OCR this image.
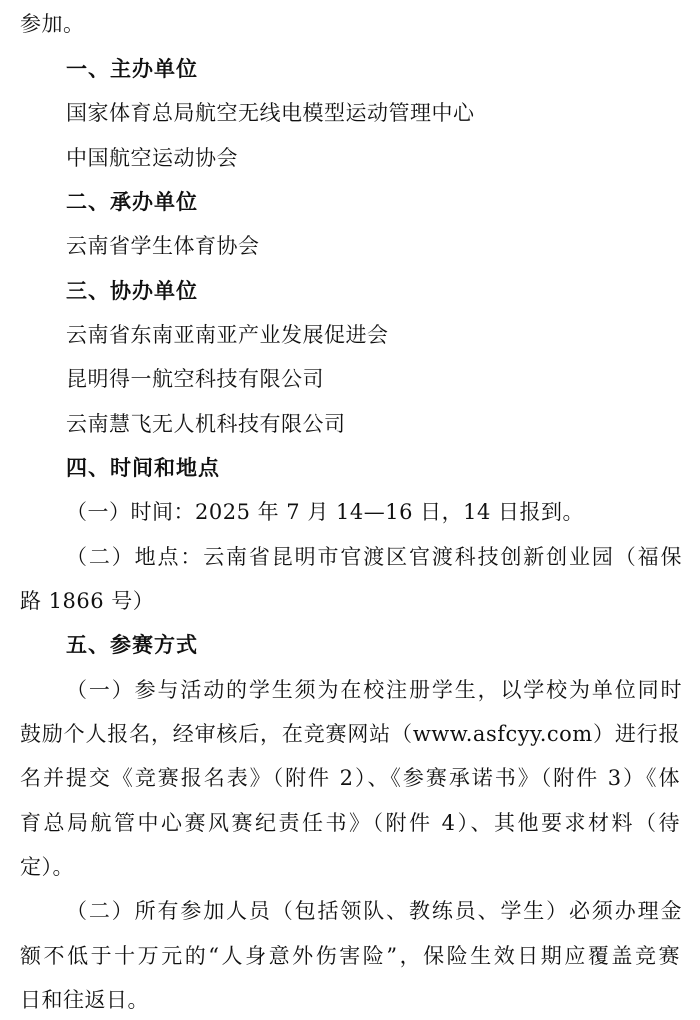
参加。
一、主办单位
国家体育总局航空无线电模型运动管理中心
中国航空运动协会
二、承办单位
云南省学生体育协会
三、协办单位
云南省东南亚南亚产业发展促进会
昆明得一航空科技有限公司
云南慧飞无人机科技有限公司
四、时间和地点
（一）时间：2025 年 7 月 14—16 日，14 日报到。
（二）地点：云南省昆明市官渡区官渡科技创新创业园（福保
路 1866 号）
五、参赛方式
（一）参与活动的学生须为在校注册学生，以学校为单位同时
鼓励个人报名，经审核后，在竞赛网站（www.asfcyy.com）进行报
名并提交《竞赛报名表》（附件 2）、《参赛承诺书》（附件 3）《体
育总局航管中心赛风赛纪责任书》（附件 4）、其他要求材料（待
定）。
（二）所有参加人员（包括领队、教练员、学生）必须办理金
额不低于十万元的“人身意外伤害险”，保险生效日期应覆盖竞赛
日和往返日。
